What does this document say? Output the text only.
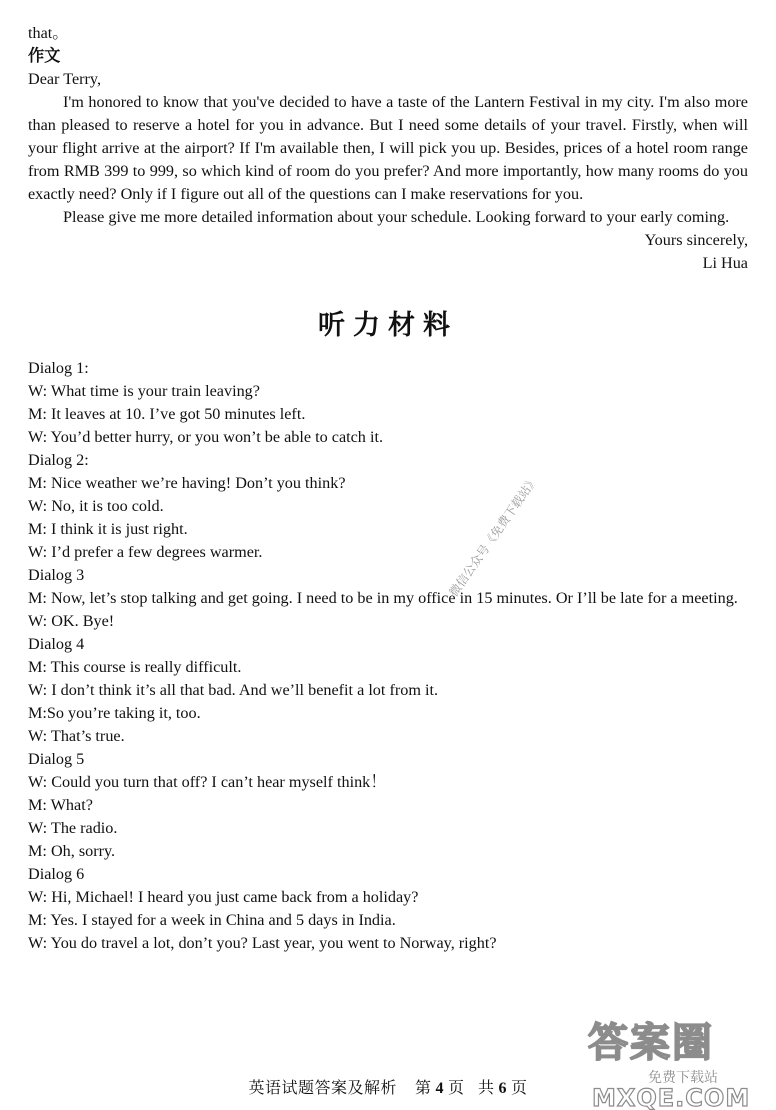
that。
作文
Dear Terry,
I'm honored to know that you've decided to have a taste of the Lantern Festival in my city. I'm also more than pleased to reserve a hotel for you in advance. But I need some details of your travel. Firstly, when will your flight arrive at the airport? If I'm available then, I will pick you up. Besides, prices of a hotel room range from RMB 399 to 999, so which kind of room do you prefer? And more importantly, how many rooms do you exactly need? Only if I figure out all of the questions can I make reservations for you.
Please give me more detailed information about your schedule. Looking forward to your early coming.
Yours sincerely,
Li Hua
听力材料
Dialog 1:
W: What time is your train leaving?
M: It leaves at 10. I’ve got 50 minutes left.
W: You’d better hurry, or you won’t be able to catch it.
Dialog 2:
M: Nice weather we’re having! Don’t you think?
W: No, it is too cold.
M: I think it is just right.
W: I’d prefer a few degrees warmer.
Dialog 3
M: Now, let’s stop talking and get going. I need to be in my office in 15 minutes. Or I’ll be late for a meeting.
W: OK. Bye!
Dialog 4
M: This course is really difficult.
W: I don’t think it’s all that bad. And we’ll benefit a lot from it.
M:So you’re taking it, too.
W: That’s true.
Dialog 5
W: Could you turn that off? I can’t hear myself think！
M: What?
W: The radio.
M: Oh, sorry.
Dialog 6
W: Hi, Michael! I heard you just came back from a holiday?
M: Yes. I stayed for a week in China and 5 days in India.
W: You do travel a lot, don’t you? Last year, you went to Norway, right?
英语试题答案及解析 第 4 页 共 6 页
微信公众号《免费下载站》
答案圈
免费下载站
MXQE.COM
